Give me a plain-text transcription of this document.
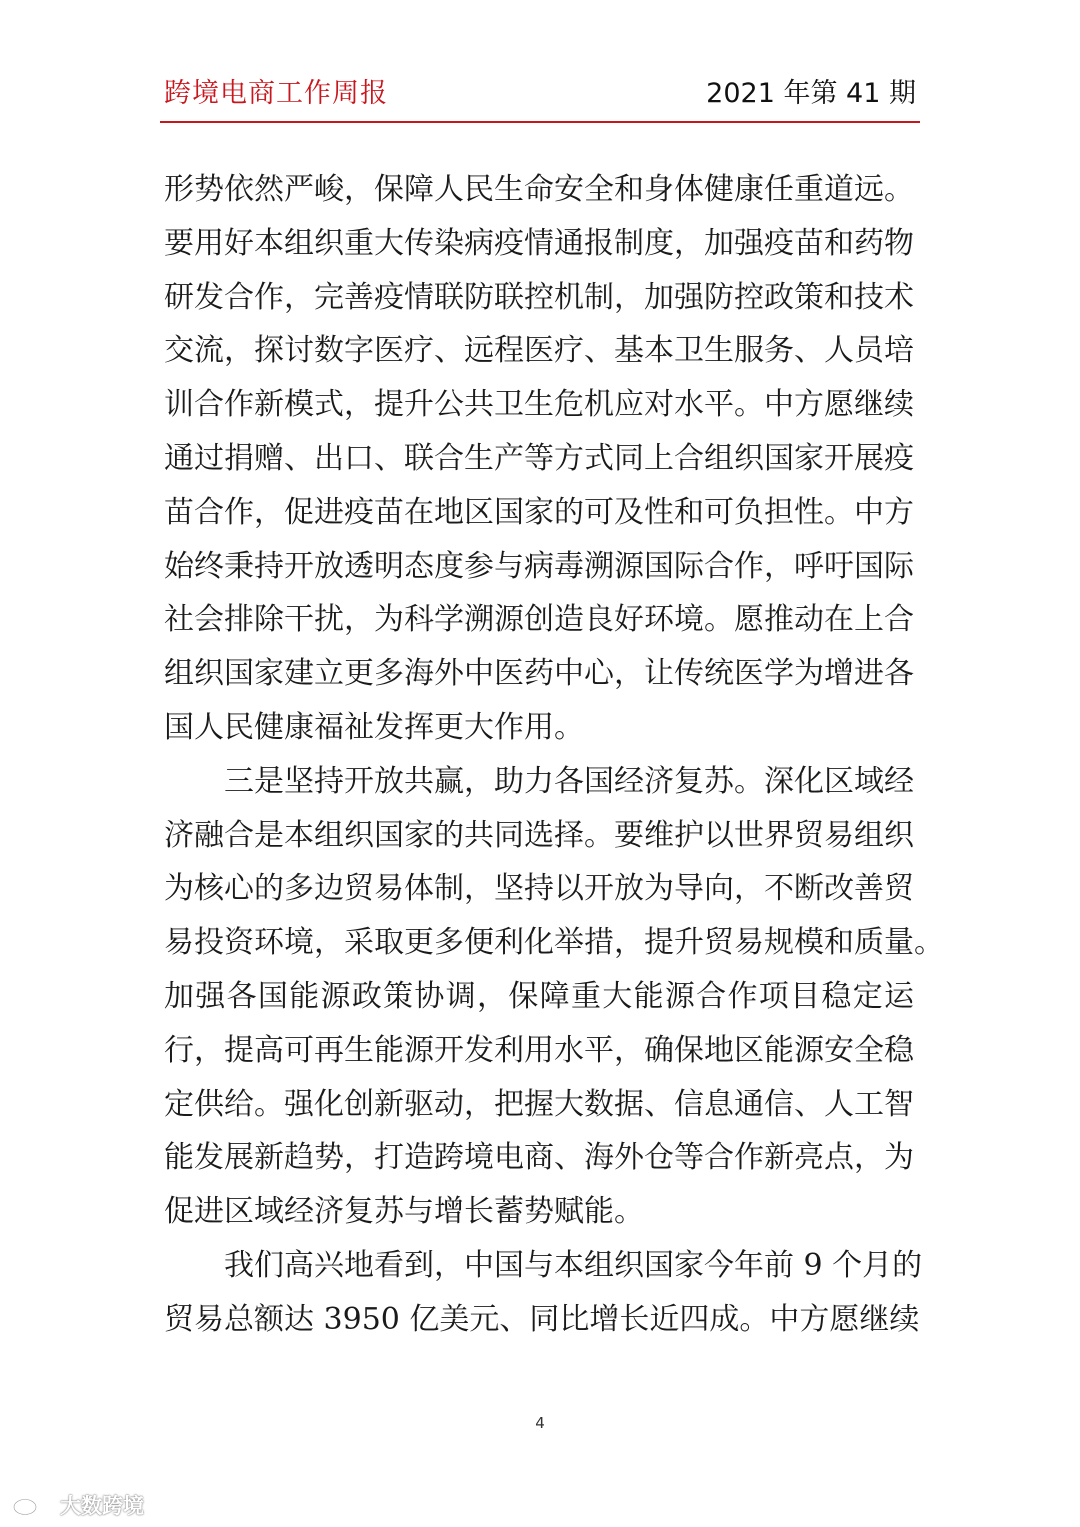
跨境电商工作周报	2021 年第 41 期
形势依然严峻，保障人民生命安全和身体健康任重道远。
要用好本组织重大传染病疫情通报制度，加强疫苗和药物
研发合作，完善疫情联防联控机制，加强防控政策和技术
交流，探讨数字医疗、远程医疗、基本卫生服务、人员培
训合作新模式，提升公共卫生危机应对水平。中方愿继续
通过捐赠、出口、联合生产等方式同上合组织国家开展疫
苗合作，促进疫苗在地区国家的可及性和可负担性。中方
始终秉持开放透明态度参与病毒溯源国际合作，呼吁国际
社会排除干扰，为科学溯源创造良好环境。愿推动在上合
组织国家建立更多海外中医药中心，让传统医学为增进各
国人民健康福祉发挥更大作用。
　　三是坚持开放共赢，助力各国经济复苏。深化区域经
济融合是本组织国家的共同选择。要维护以世界贸易组织
为核心的多边贸易体制，坚持以开放为导向，不断改善贸
易投资环境，采取更多便利化举措，提升贸易规模和质量。
加强各国能源政策协调，保障重大能源合作项目稳定运
行，提高可再生能源开发利用水平，确保地区能源安全稳
定供给。强化创新驱动，把握大数据、信息通信、人工智
能发展新趋势，打造跨境电商、海外仓等合作新亮点，为
促进区域经济复苏与增长蓄势赋能。
　　我们高兴地看到，中国与本组织国家今年前 9 个月的
贸易总额达 3950 亿美元、同比增长近四成。中方愿继续
4
大数跨境
